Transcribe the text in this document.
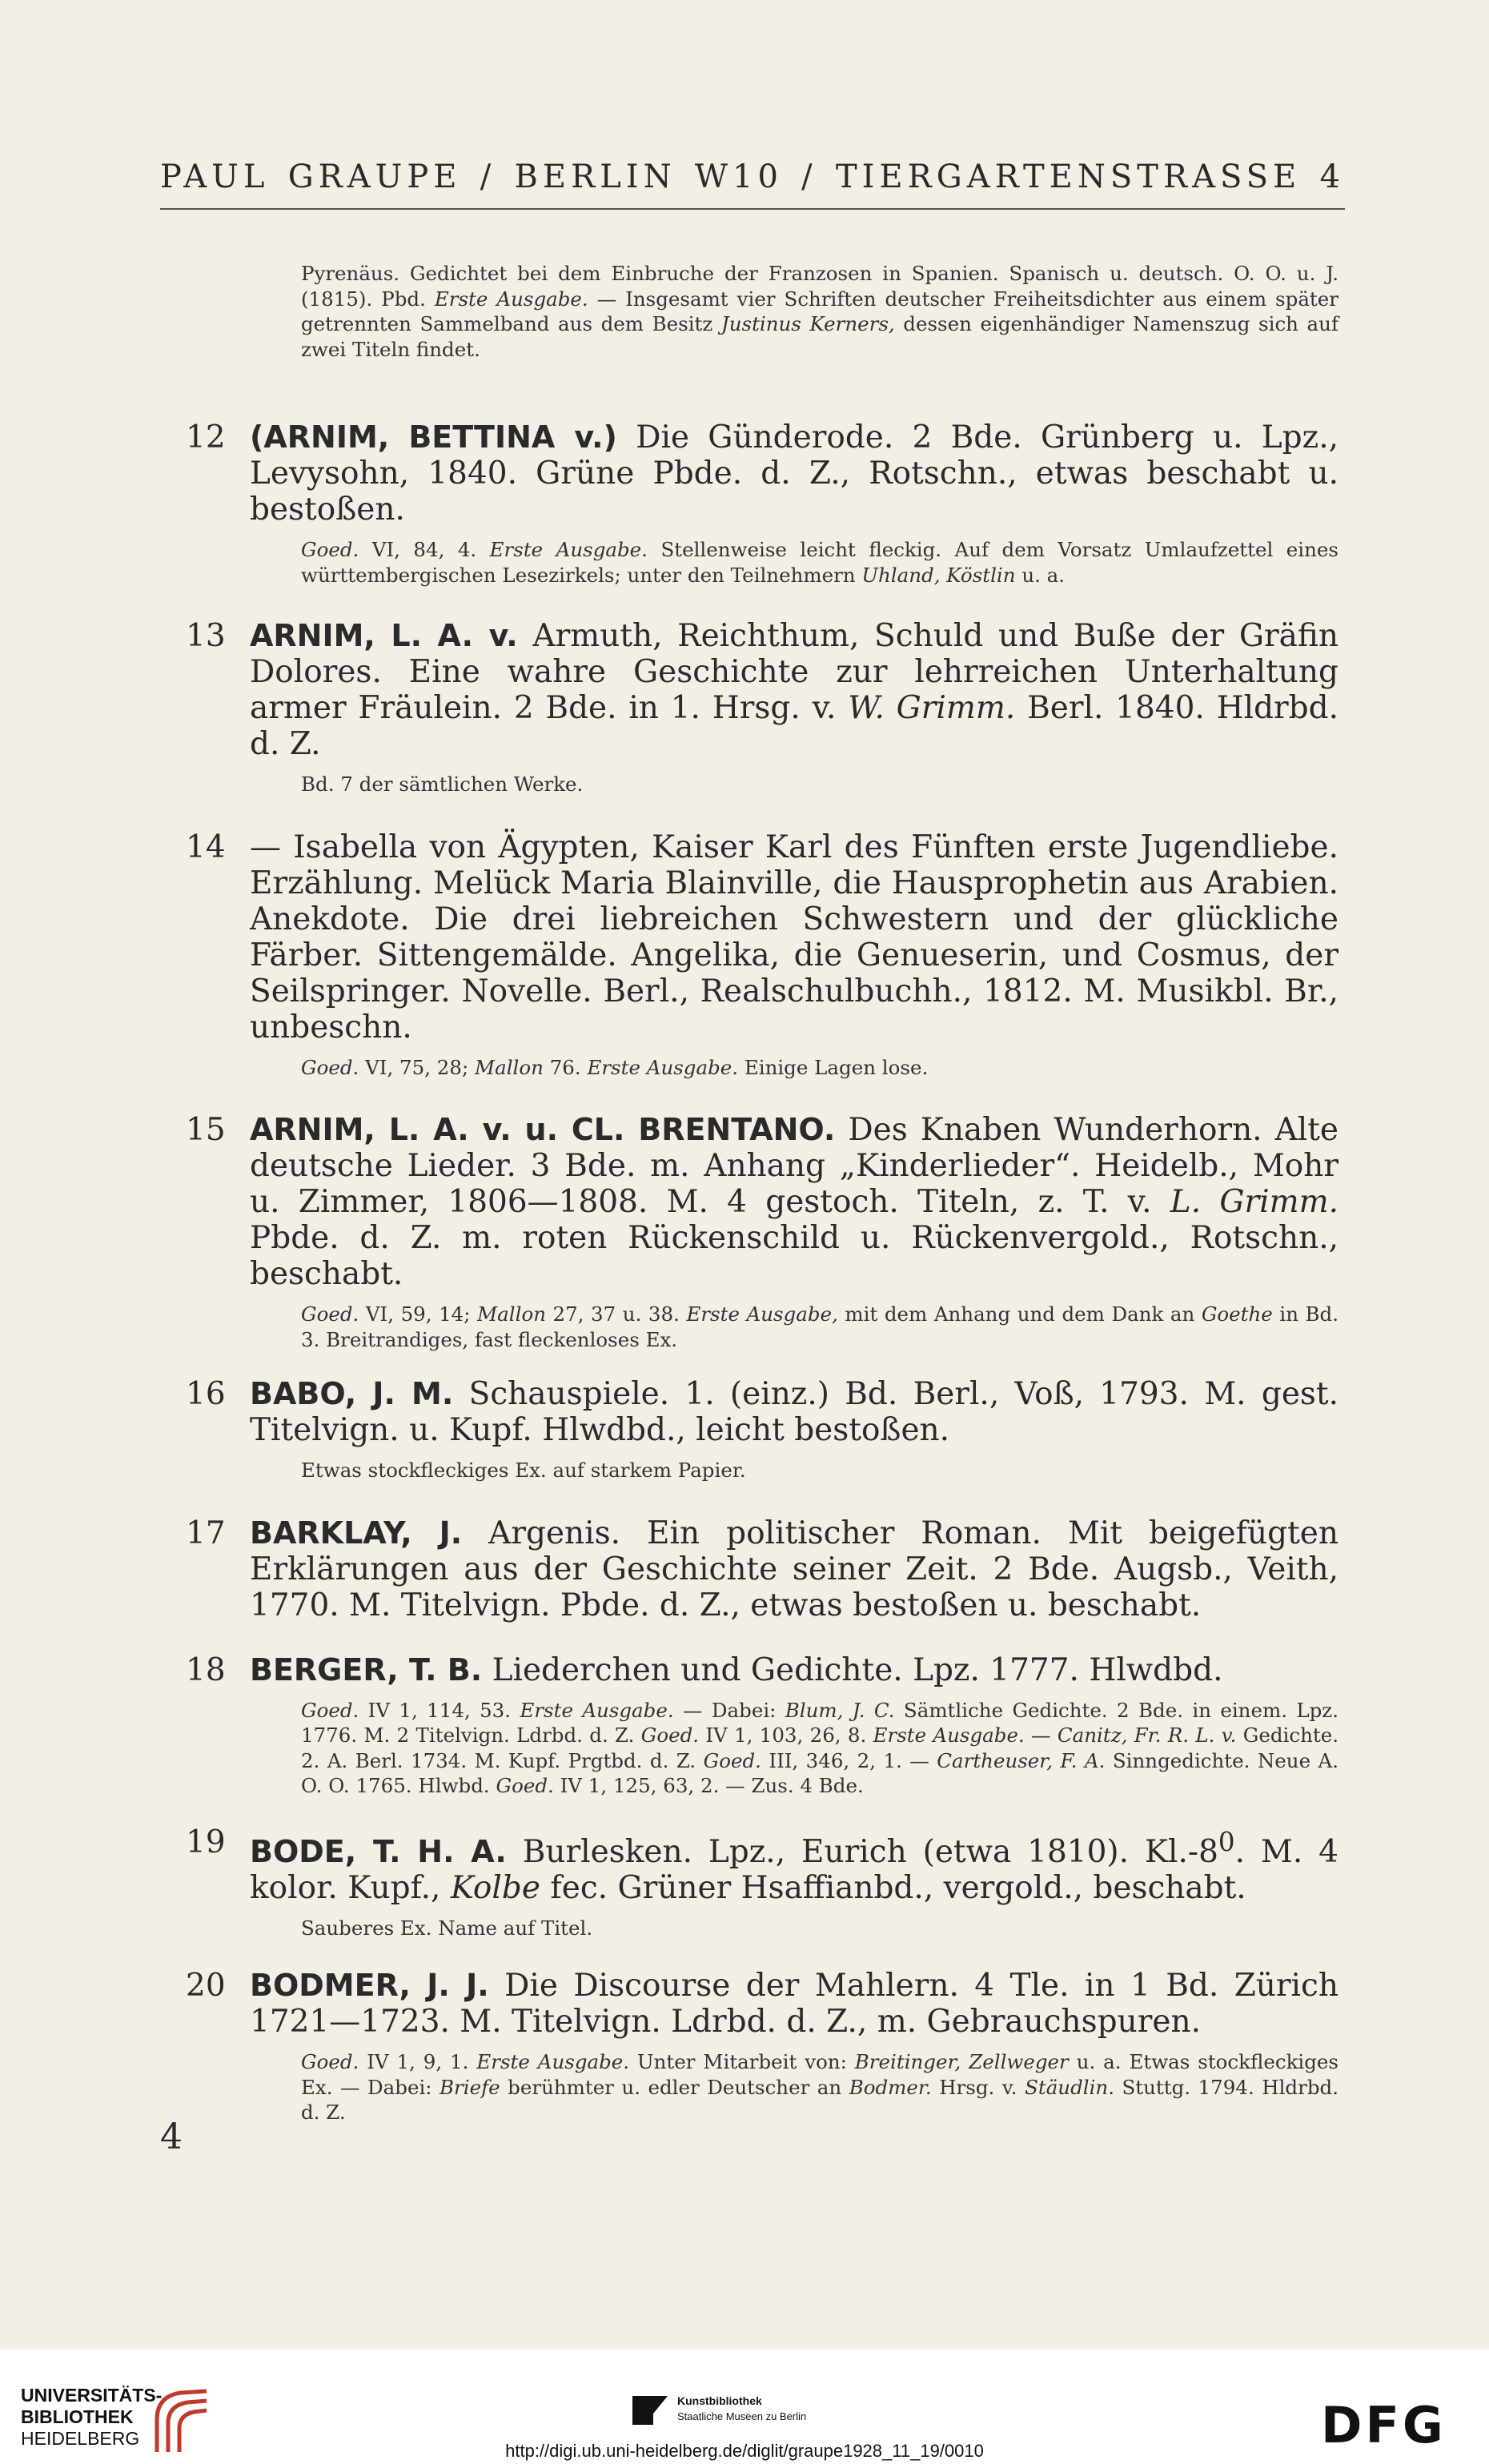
PAUL GRAUPE / BERLIN W10 / TIERGARTENSTRASSE 4
Pyrenäus. Gedichtet bei dem Einbruche der Franzosen in Spanien. Spanisch u. deutsch. O. O. u. J. (1815). Pbd. Erste Ausgabe. — Insgesamt vier Schriften deutscher Freiheitsdichter aus einem später getrennten Sammelband aus dem Besitz Justinus Kerners, dessen eigenhändiger Namenszug sich auf zwei Titeln findet.
12 (ARNIM, BETTINA v.) Die Günderode. 2 Bde. Grünberg u. Lpz., Levysohn, 1840. Grüne Pbde. d. Z., Rotschn., etwas beschabt u. bestoßen.
Goed. VI, 84, 4. Erste Ausgabe. Stellenweise leicht fleckig. Auf dem Vorsatz Umlaufzettel eines württembergischen Lesezirkels; unter den Teilnehmern Uhland, Köstlin u. a.
13 ARNIM, L. A. v. Armuth, Reichthum, Schuld und Buße der Gräfin Dolores. Eine wahre Geschichte zur lehrreichen Unterhaltung armer Fräulein. 2 Bde. in 1. Hrsg. v. W. Grimm. Berl. 1840. Hldrbd. d. Z.
Bd. 7 der sämtlichen Werke.
14 — Isabella von Ägypten, Kaiser Karl des Fünften erste Jugendliebe. Erzählung. Melück Maria Blainville, die Hausprophetin aus Arabien. Anekdote. Die drei liebreichen Schwestern und der glückliche Färber. Sittengemälde. Angelika, die Genueserin, und Cosmus, der Seilspringer. Novelle. Berl., Realschulbuchh., 1812. M. Musikbl. Br., unbeschn.
Goed. VI, 75, 28; Mallon 76. Erste Ausgabe. Einige Lagen lose.
15 ARNIM, L. A. v. u. CL. BRENTANO. Des Knaben Wunderhorn. Alte deutsche Lieder. 3 Bde. m. Anhang „Kinderlieder“. Heidelb., Mohr u. Zimmer, 1806—1808. M. 4 gestoch. Titeln, z. T. v. L. Grimm. Pbde. d. Z. m. roten Rückenschild u. Rückenvergold., Rotschn., beschabt.
Goed. VI, 59, 14; Mallon 27, 37 u. 38. Erste Ausgabe, mit dem Anhang und dem Dank an Goethe in Bd. 3. Breitrandiges, fast fleckenloses Ex.
16 BABO, J. M. Schauspiele. 1. (einz.) Bd. Berl., Voß, 1793. M. gest. Titelvign. u. Kupf. Hlwdbd., leicht bestoßen.
Etwas stockfleckiges Ex. auf starkem Papier.
17 BARKLAY, J. Argenis. Ein politischer Roman. Mit beigefügten Erklärungen aus der Geschichte seiner Zeit. 2 Bde. Augsb., Veith, 1770. M. Titelvign. Pbde. d. Z., etwas bestoßen u. beschabt.
18 BERGER, T. B. Liederchen und Gedichte. Lpz. 1777. Hlwdbd.
Goed. IV 1, 114, 53. Erste Ausgabe. — Dabei: Blum, J. C. Sämtliche Gedichte. 2 Bde. in einem. Lpz. 1776. M. 2 Titelvign. Ldrbd. d. Z. Goed. IV 1, 103, 26, 8. Erste Ausgabe. — Canitz, Fr. R. L. v. Gedichte. 2. A. Berl. 1734. M. Kupf. Prgtbd. d. Z. Goed. III, 346, 2, 1. — Cartheuser, F. A. Sinngedichte. Neue A. O. O. 1765. Hlwbd. Goed. IV 1, 125, 63, 2. — Zus. 4 Bde.
19 BODE, T. H. A. Burlesken. Lpz., Eurich (etwa 1810). $Kl.-8^0$. M. 4 kolor. Kupf., Kolbe fec. Grüner Hsaffianbd., vergold., beschabt.
Sauberes Ex. Name auf Titel.
20 BODMER, J. J. Die Discourse der Mahlern. 4 Tle. in 1 Bd. Zürich 1721—1723. M. Titelvign. Ldrbd. d. Z., m. Gebrauchspuren.
Goed. IV 1, 9, 1. Erste Ausgabe. Unter Mitarbeit von: Breitinger, Zellweger u. a. Etwas stockfleckiges Ex. — Dabei: Briefe berühmter u. edler Deutscher an Bodmer. Hrsg. v. Stäudlin. Stuttg. 1794. Hldrbd. d. Z.
4
UNIVERSITÄTS-
BIBLIOTHEK
HEIDELBERG
Kunstbibliothek
Staatliche Museen zu Berlin	DFG
http://digi.ub.uni-heidelberg.de/diglit/graupe1928_11_19/0010
